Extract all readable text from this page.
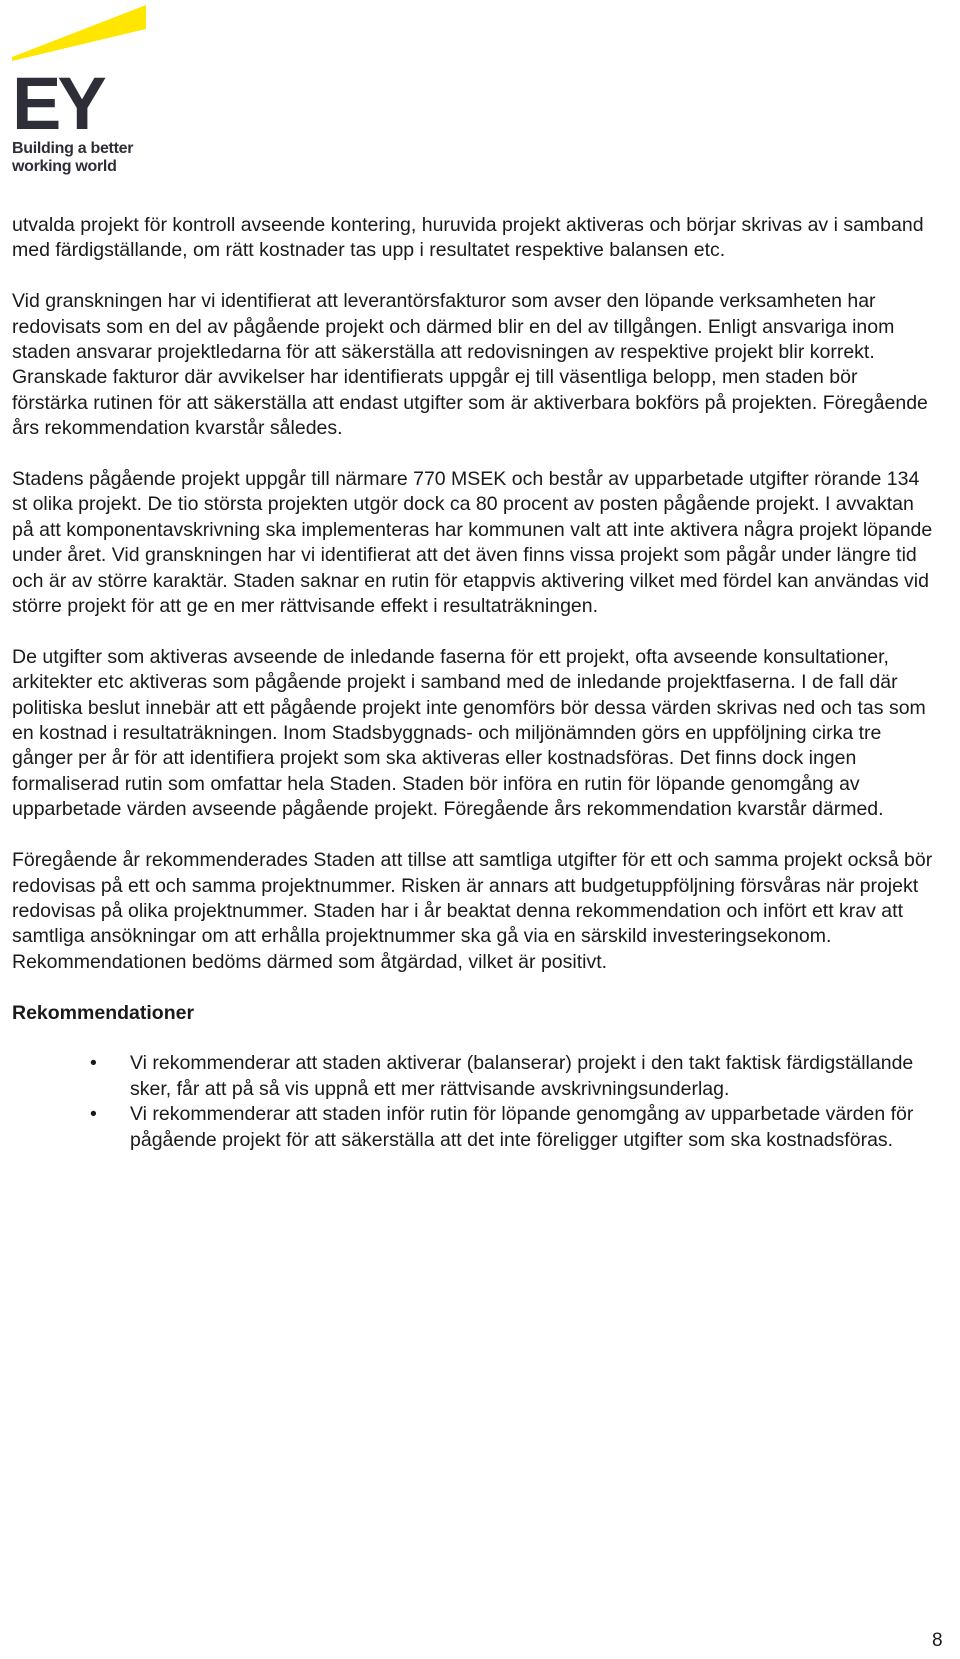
EY
Building a better
working world

utvalda projekt för kontroll avseende kontering, huruvida projekt aktiveras och börjar skrivas av i samband med färdigställande, om rätt kostnader tas upp i resultatet respektive balansen etc.

Vid granskningen har vi identifierat att leverantörsfakturor som avser den löpande verksamheten har redovisats som en del av pågående projekt och därmed blir en del av tillgången. Enligt ansvariga inom staden ansvarar projektledarna för att säkerställa att redovisningen av respektive projekt blir korrekt. Granskade fakturor där avvikelser har identifierats uppgår ej till väsentliga belopp, men staden bör förstärka rutinen för att säkerställa att endast utgifter som är aktiverbara bokförs på projekten. Föregående års rekommendation kvarstår således.

Stadens pågående projekt uppgår till närmare 770 MSEK och består av upparbetade utgifter rörande 134 st olika projekt. De tio största projekten utgör dock ca 80 procent av posten pågående projekt. I avvaktan på att komponentavskrivning ska implementeras har kommunen valt att inte aktivera några projekt löpande under året. Vid granskningen har vi identifierat att det även finns vissa projekt som pågår under längre tid och är av större karaktär. Staden saknar en rutin för etappvis aktivering vilket med fördel kan användas vid större projekt för att ge en mer rättvisande effekt i resultaträkningen.

De utgifter som aktiveras avseende de inledande faserna för ett projekt, ofta avseende konsultationer, arkitekter etc aktiveras som pågående projekt i samband med de inledande projektfaserna. I de fall där politiska beslut innebär att ett pågående projekt inte genomförs bör dessa värden skrivas ned och tas som en kostnad i resultaträkningen. Inom Stadsbyggnads- och miljönämnden görs en uppföljning cirka tre gånger per år för att identifiera projekt som ska aktiveras eller kostnadsföras. Det finns dock ingen formaliserad rutin som omfattar hela Staden. Staden bör införa en rutin för löpande genomgång av upparbetade värden avseende pågående projekt. Föregående års rekommendation kvarstår därmed.

Föregående år rekommenderades Staden att tillse att samtliga utgifter för ett och samma projekt också bör redovisas på ett och samma projektnummer. Risken är annars att budgetuppföljning försvåras när projekt redovisas på olika projektnummer. Staden har i år beaktat denna rekommendation och infört ett krav att samtliga ansökningar om att erhålla projektnummer ska gå via en särskild investeringsekonom. Rekommendationen bedöms därmed som åtgärdad, vilket är positivt.

Rekommendationer
• Vi rekommenderar att staden aktiverar (balanserar) projekt i den takt faktisk färdigställande sker, får att på så vis uppnå ett mer rättvisande avskrivningsunderlag.
• Vi rekommenderar att staden inför rutin för löpande genomgång av upparbetade värden för pågående projekt för att säkerställa att det inte föreligger utgifter som ska kostnadsföras.
8
